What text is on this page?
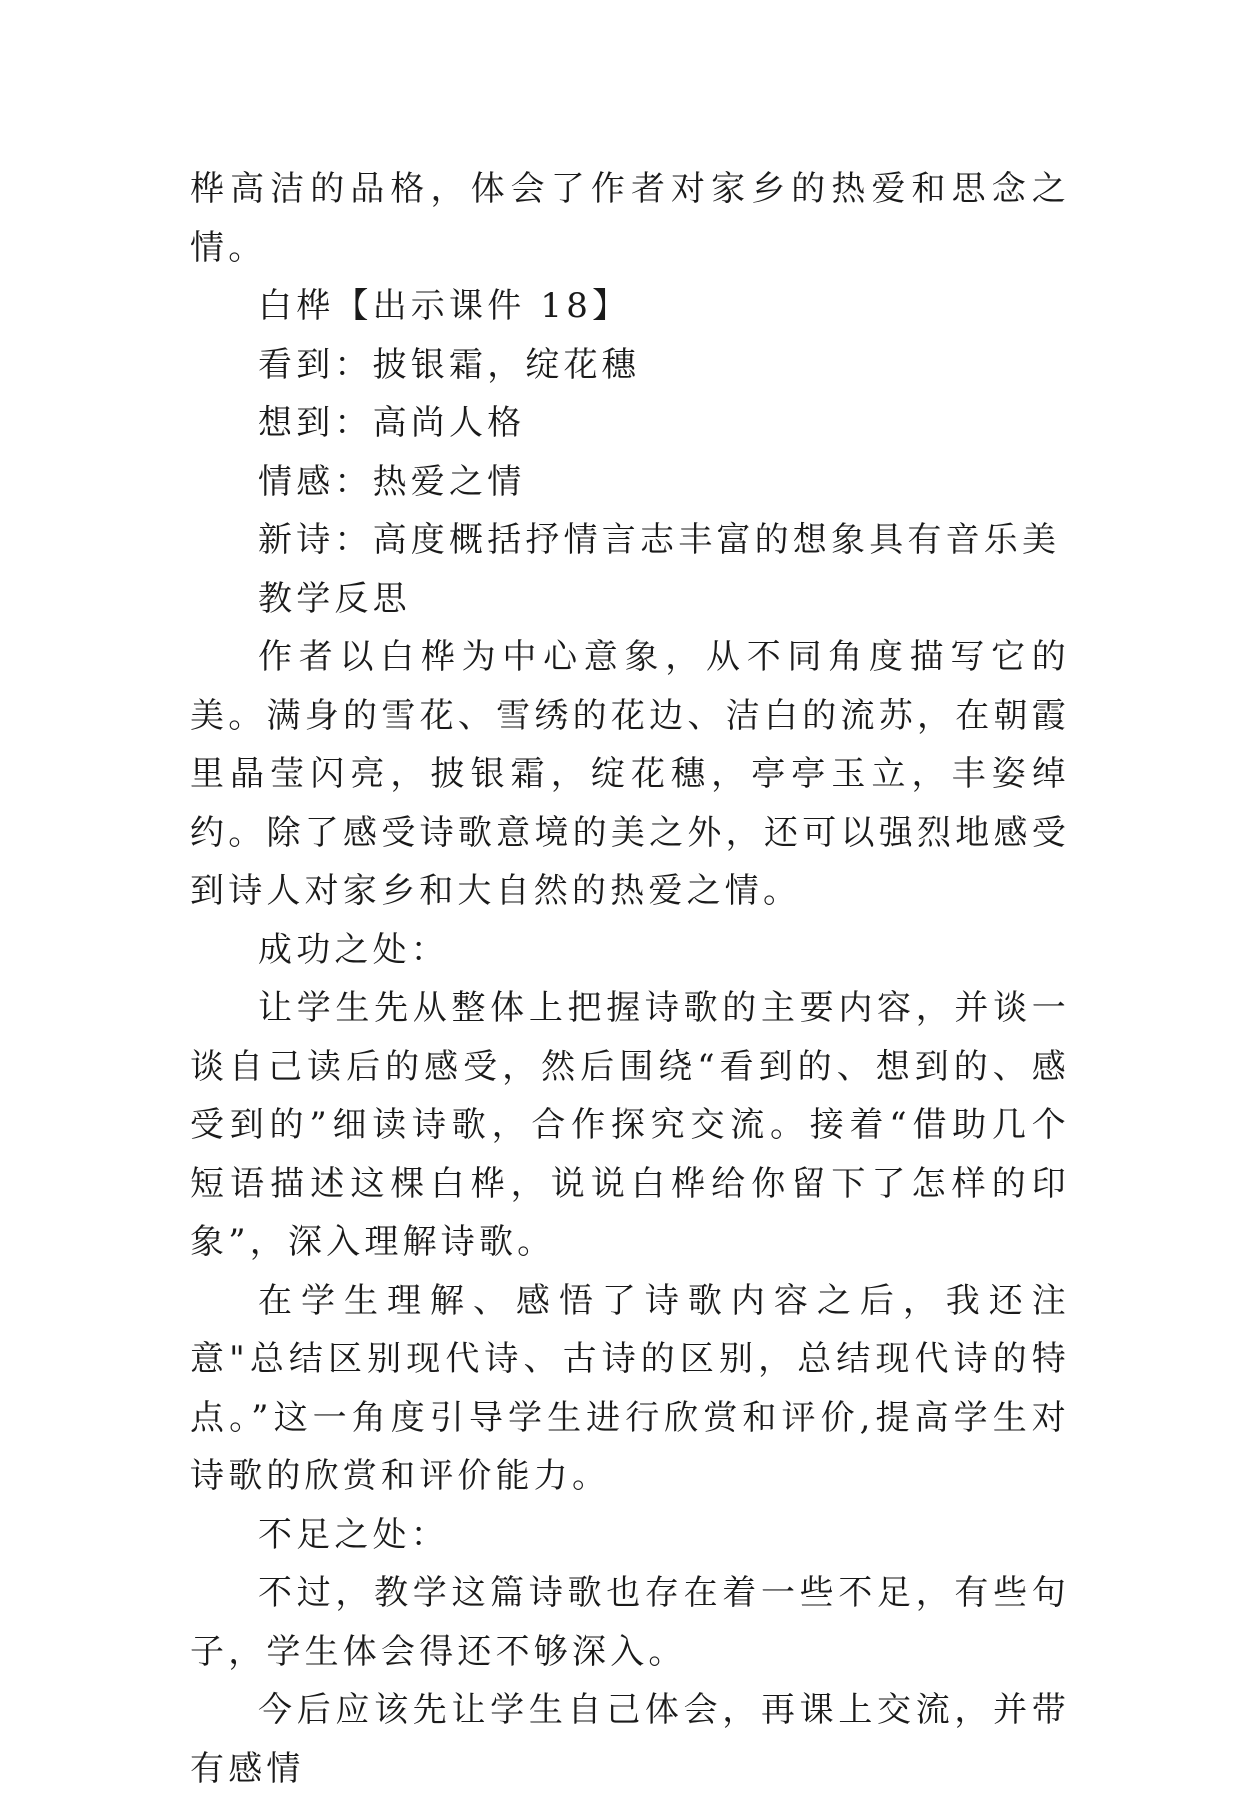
桦高洁的品格，体会了作者对家乡的热爱和思念之情。

白桦【出示课件 18】

看到：披银霜，绽花穗

想到：高尚人格

情感：热爱之情

新诗：高度概括抒情言志丰富的想象具有音乐美

教学反思

作者以白桦为中心意象，从不同角度描写它的美。满身的雪花、雪绣的花边、洁白的流苏，在朝霞里晶莹闪亮，披银霜，绽花穗，亭亭玉立，丰姿绰约。除了感受诗歌意境的美之外，还可以强烈地感受到诗人对家乡和大自然的热爱之情。

成功之处：

让学生先从整体上把握诗歌的主要内容，并谈一谈自己读后的感受，然后围绕“看到的、想到的、感受到的”细读诗歌，合作探究交流。接着“借助几个短语描述这棵白桦，说说白桦给你留下了怎样的印象”，深入理解诗歌。

在学生理解、感悟了诗歌内容之后，我还注意"总结区别现代诗、古诗的区别，总结现代诗的特点。”这一角度引导学生进行欣赏和评价,提高学生对诗歌的欣赏和评价能力。

不足之处：

不过，教学这篇诗歌也存在着一些不足，有些句子，学生体会得还不够深入。

今后应该先让学生自己体会，再课上交流，并带有感情
